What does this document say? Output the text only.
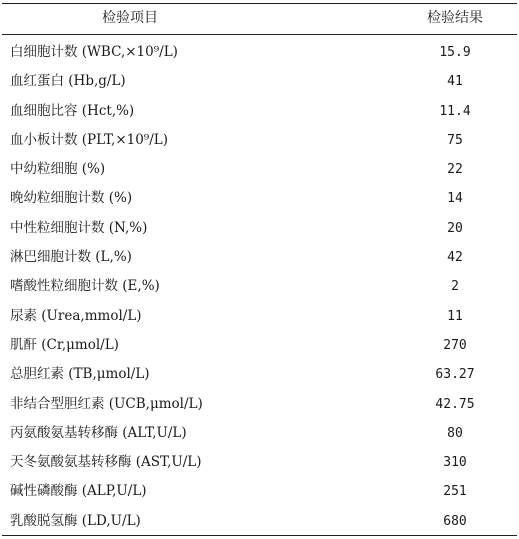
检验项目	检验结果
白细胞计数 (WBC,×10⁹/L)	15.9
血红蛋白 (Hb,g/L)	41
血细胞比容 (Hct,%)	11.4
血小板计数 (PLT,×10⁹/L)	75
中幼粒细胞 (%)	22
晚幼粒细胞计数 (%)	14
中性粒细胞计数 (N,%)	20
淋巴细胞计数 (L,%)	42
嗜酸性粒细胞计数 (E,%)	2
尿素 (Urea,mmol/L)	11
肌酐 (Cr,μmol/L)	270
总胆红素 (TB,μmol/L)	63.27
非结合型胆红素 (UCB,μmol/L)	42.75
丙氨酸氨基转移酶 (ALT,U/L)	80
天冬氨酸氨基转移酶 (AST,U/L)	310
碱性磷酸酶 (ALP,U/L)	251
乳酸脱氢酶 (LD,U/L)	680
